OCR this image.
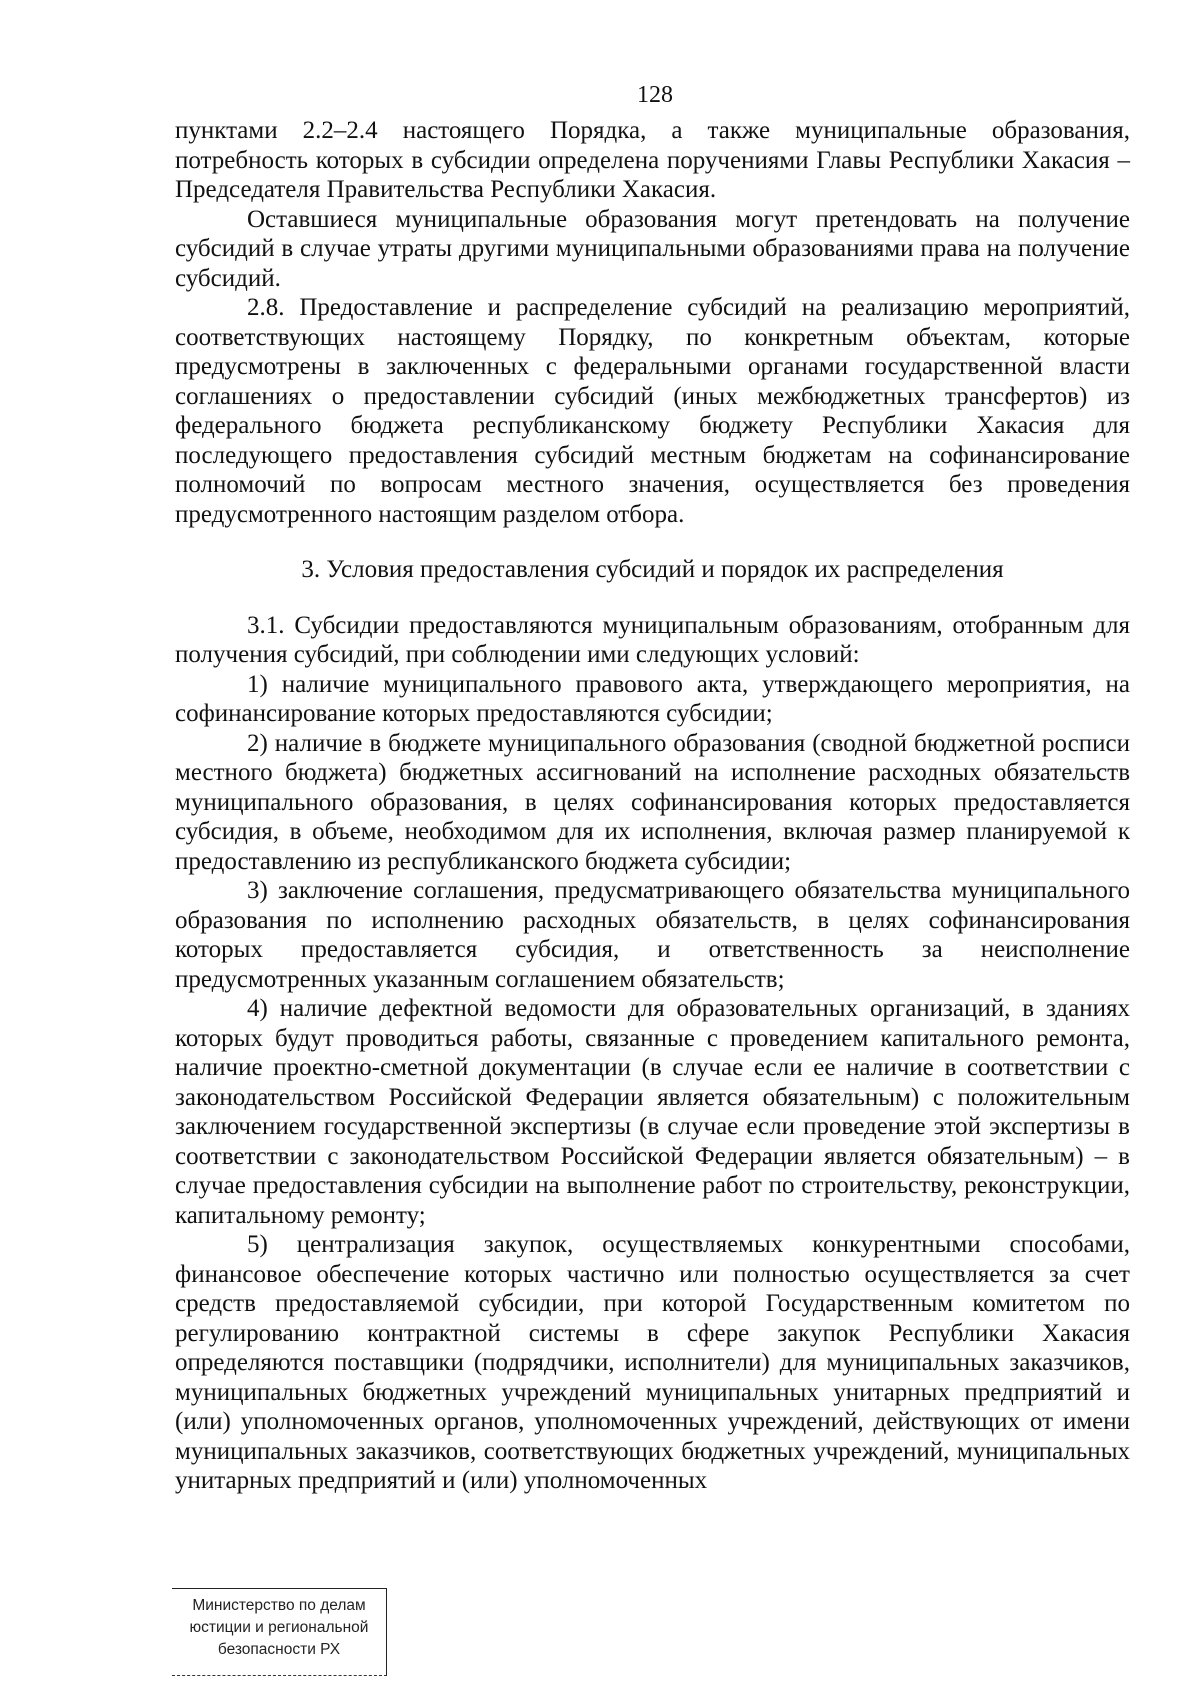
128

пунктами 2.2–2.4 настоящего Порядка, а также муниципальные образования, потребность которых в субсидии определена поручениями Главы Республики Хакасия – Председателя Правительства Республики Хакасия.

Оставшиеся муниципальные образования могут претендовать на получение субсидий в случае утраты другими муниципальными образованиями права на получение субсидий.

2.8. Предоставление и распределение субсидий на реализацию мероприятий, соответствующих настоящему Порядку, по конкретным объектам, которые предусмотрены в заключенных с федеральными органами государственной власти соглашениях о предоставлении субсидий (иных межбюджетных трансфертов) из федерального бюджета республиканскому бюджету Республики Хакасия для последующего предоставления субсидий местным бюджетам на софинансирование полномочий по вопросам местного значения, осуществляется без проведения предусмотренного настоящим разделом отбора.

3. Условия предоставления субсидий и порядок их распределения

3.1. Субсидии предоставляются муниципальным образованиям, отобранным для получения субсидий, при соблюдении ими следующих условий:

1) наличие муниципального правового акта, утверждающего мероприятия, на софинансирование которых предоставляются субсидии;

2) наличие в бюджете муниципального образования (сводной бюджетной росписи местного бюджета) бюджетных ассигнований на исполнение расходных обязательств муниципального образования, в целях софинансирования которых предоставляется субсидия, в объеме, необходимом для их исполнения, включая размер планируемой к предоставлению из республиканского бюджета субсидии;

3) заключение соглашения, предусматривающего обязательства муниципального образования по исполнению расходных обязательств, в целях софинансирования которых предоставляется субсидия, и ответственность за неисполнение предусмотренных указанным соглашением обязательств;

4) наличие дефектной ведомости для образовательных организаций, в зданиях которых будут проводиться работы, связанные с проведением капитального ремонта, наличие проектно-сметной документации (в случае если ее наличие в соответствии с законодательством Российской Федерации является обязательным) с положительным заключением государственной экспертизы (в случае если проведение этой экспертизы в соответствии с законодательством Российской Федерации является обязательным) – в случае предоставления субсидии на выполнение работ по строительству, реконструкции, капитальному ремонту;

5) централизация закупок, осуществляемых конкурентными способами, финансовое обеспечение которых частично или полностью осуществляется за счет средств предоставляемой субсидии, при которой Государственным комитетом по регулированию контрактной системы в сфере закупок Республики Хакасия определяются поставщики (подрядчики, исполнители) для муниципальных заказчиков, муниципальных бюджетных учреждений муниципальных унитарных предприятий и (или) уполномоченных органов, уполномоченных учреждений, действующих от имени муниципальных заказчиков, соответствующих бюджетных учреждений, муниципальных унитарных предприятий и (или) уполномоченных

Министерство по делам
юстиции и региональной
безопасности РХ
